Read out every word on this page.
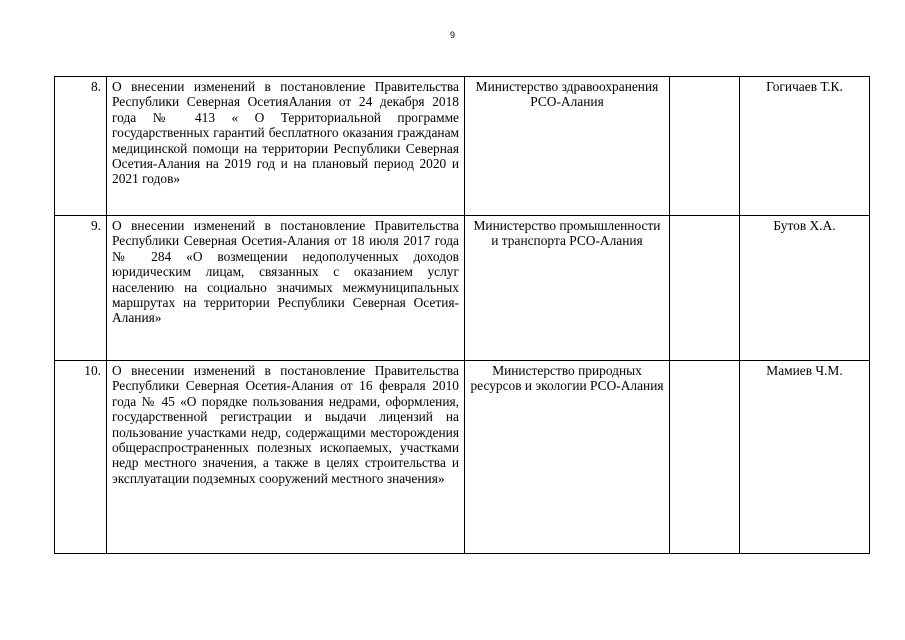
9
8.	О внесении изменений в постановление Правительства Республики Северная ОсетияАлания от 24 декабря 2018 года № 413 « О Территориальной программе государственных гарантий бесплатного оказания гражданам медицинской помощи на территории Республики Северная Осетия-Алания на 2019 год и на плановый период 2020 и 2021 годов»	Министерство здравоохранения РСО-Алания		Гогичаев Т.К.
9.	О внесении изменений в постановление Правительства Республики Северная Осетия-Алания от 18 июля 2017 года № 284 «О возмещении недополученных доходов юридическим лицам, связанных с оказанием услуг населению на социально значимых межмуниципальных маршрутах на территории Республики Северная Осетия-Алания»	Министерство промышленности и транспорта РСО-Алания		Бутов Х.А.
10.	О внесении изменений в постановление Правительства Республики Северная Осетия-Алания от 16 февраля 2010 года № 45 «О порядке пользования недрами, оформления, государственной регистрации и выдачи лицензий на пользование участками недр, содержащими месторождения общераспространенных полезных ископаемых, участками недр местного значения, а также в целях строительства и эксплуатации подземных сооружений местного значения»	Министерство природных ресурсов и экологии РСО-Алания		Мамиев Ч.М.
